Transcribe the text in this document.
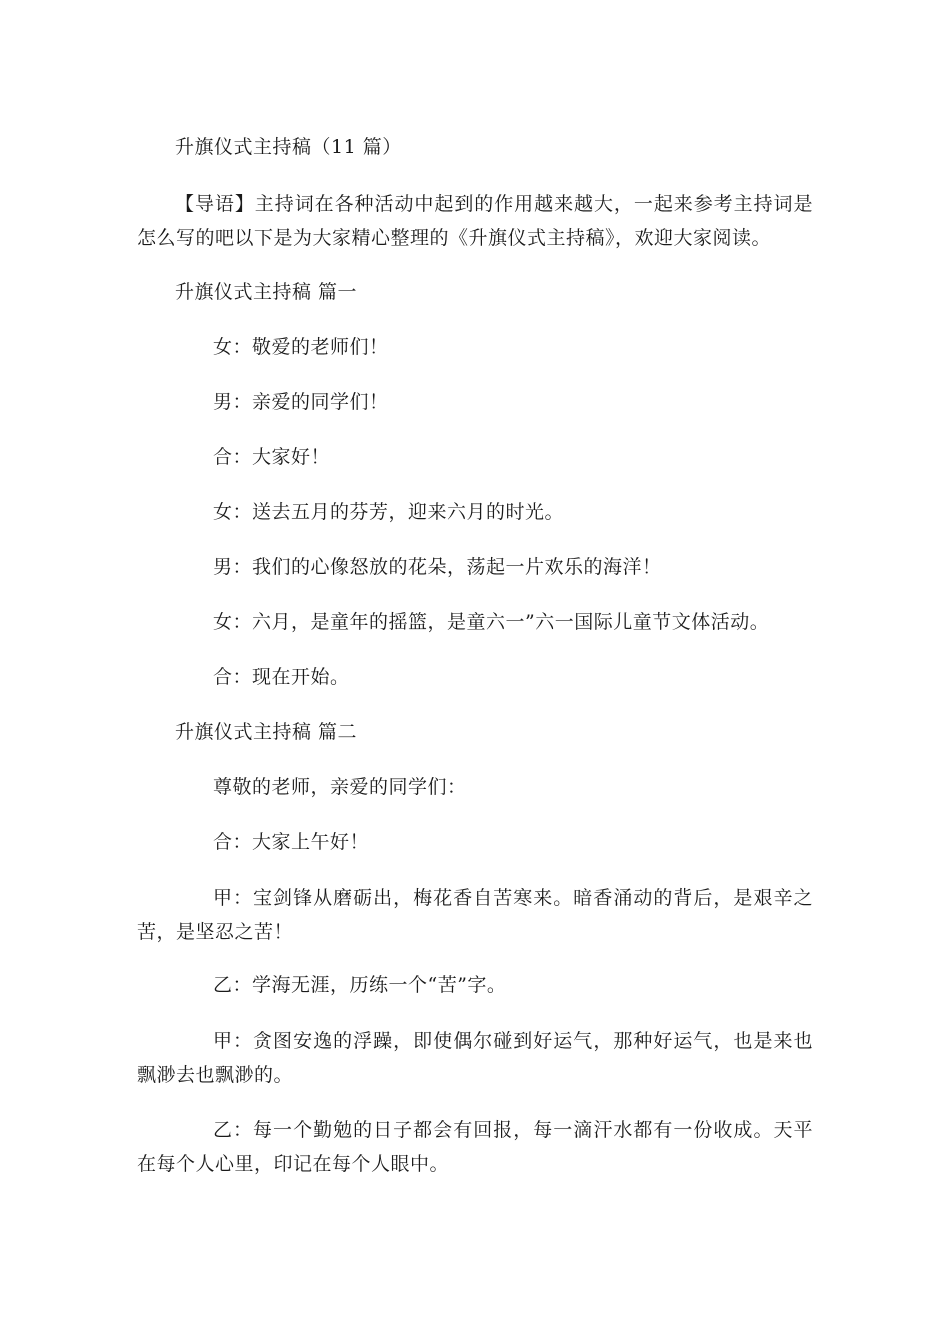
升旗仪式主持稿（11 篇）
【导语】主持词在各种活动中起到的作用越来越大，一起来参考主持词是怎么写的吧以下是为大家精心整理的《升旗仪式主持稿》，欢迎大家阅读。
升旗仪式主持稿 篇一
女：敬爱的老师们！
男：亲爱的同学们！
合：大家好！
女：送去五月的芬芳，迎来六月的时光。
男：我们的心像怒放的花朵，荡起一片欢乐的海洋！
女：六月，是童年的摇篮，是童六一”六一国际儿童节文体活动。
合：现在开始。
升旗仪式主持稿 篇二
尊敬的老师，亲爱的同学们：
合：大家上午好！
甲：宝剑锋从磨砺出，梅花香自苦寒来。暗香涌动的背后，是艰辛之苦，是坚忍之苦！
乙：学海无涯，历练一个“苦”字。
甲：贪图安逸的浮躁，即使偶尔碰到好运气，那种好运气，也是来也飘渺去也飘渺的。
乙：每一个勤勉的日子都会有回报，每一滴汗水都有一份收成。天平在每个人心里，印记在每个人眼中。
